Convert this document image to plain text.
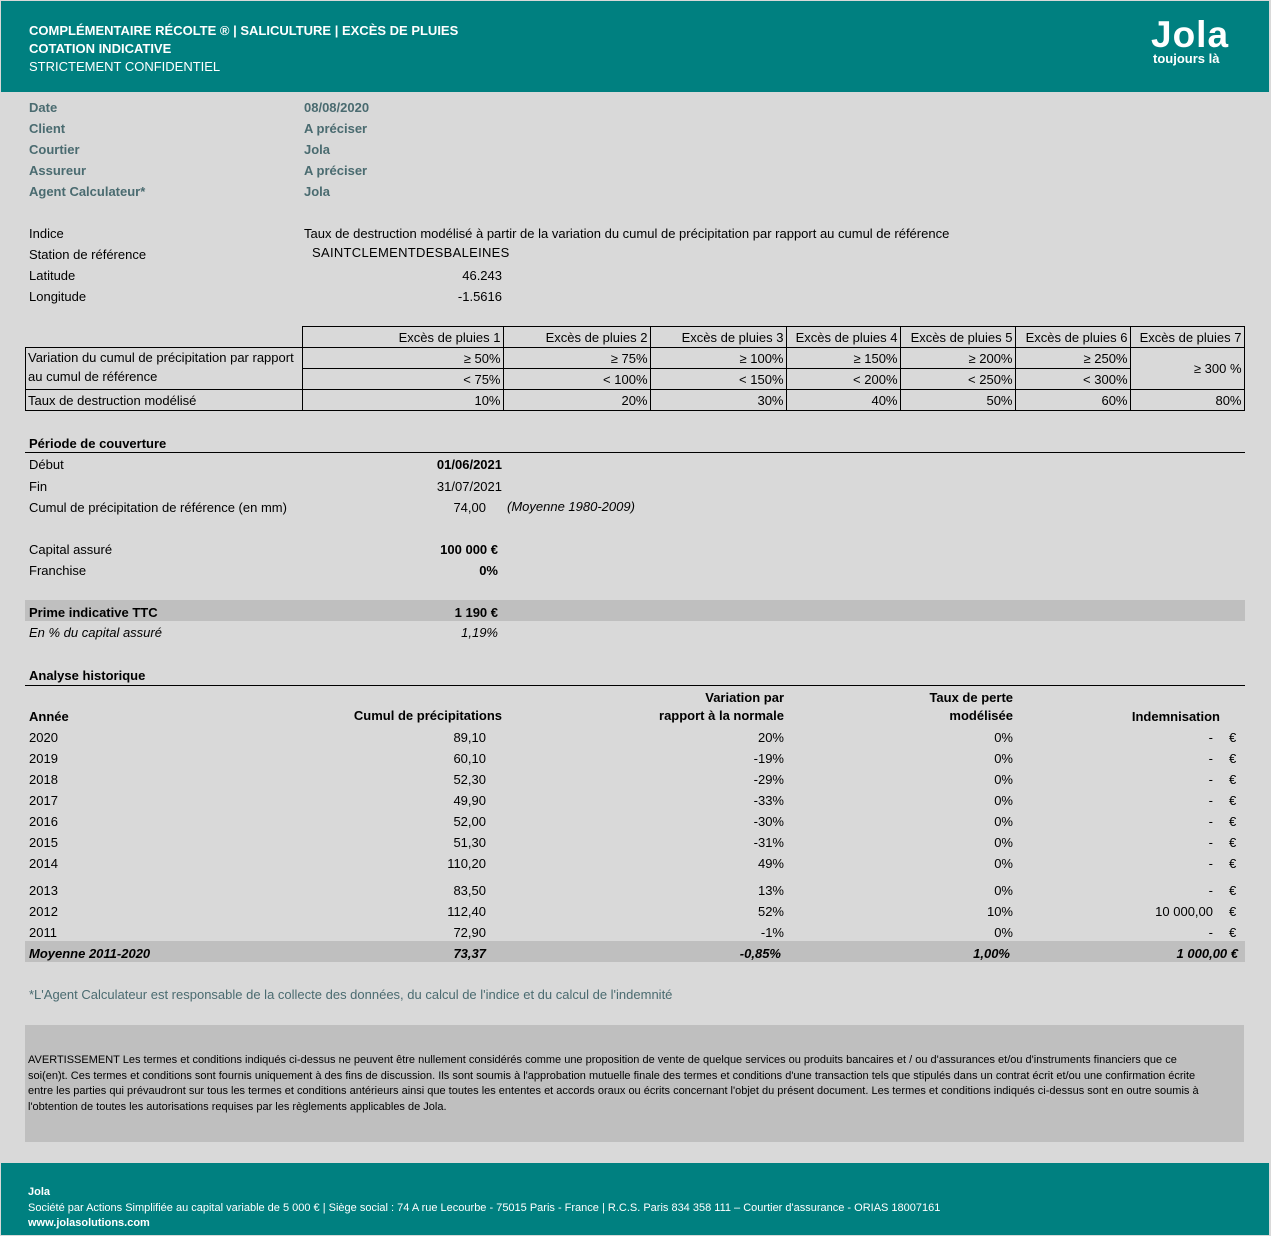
COMPLÉMENTAIRE RÉCOLTE ® | SALICULTURE | EXCÈS DE PLUIES
COTATION INDICATIVE
STRICTEMENT CONFIDENTIEL
Jola
toujours là
Date	08/08/2020
Client	A préciser
Courtier	Jola
Assureur	A préciser
Agent Calculateur*	Jola
Indice	Taux de destruction modélisé à partir de la variation du cumul de précipitation par rapport au cumul de référence
Station de référence	SAINTCLEMENTDESBALEINES
Latitude	46.243
Longitude	-1.5616
	Excès de pluies 1	Excès de pluies 2	Excès de pluies 3	Excès de pluies 4	Excès de pluies 5	Excès de pluies 6	Excès de pluies 7
Variation du cumul de précipitation par rapport
au cumul de référence	≥ 50%	≥ 75%	≥ 100%	≥ 150%	≥ 200%	≥ 250%	≥ 300 %
	< 75%	< 100%	< 150%	< 200%	< 250%	< 300%	
Taux de destruction modélisé	10%	20%	30%	40%	50%	60%	80%
Période de couverture
Début	01/06/2021
Fin	31/07/2021
Cumul de précipitation de référence (en mm)	74,00 (Moyenne 1980-2009)
Capital assuré	100 000 €
Franchise	0%
Prime indicative TTC	1 190 €
En % du capital assuré	1,19%
Analyse historique
Variation par	Taux de perte
Année	Cumul de précipitations	rapport à la normale	modélisée	Indemnisation
2020	89,10	20%	0%	- €
2019	60,10	-19%	0%	- €
2018	52,30	-29%	0%	- €
2017	49,90	-33%	0%	- €
2016	52,00	-30%	0%	- €
2015	51,30	-31%	0%	- €
2014	110,20	49%	0%	- €
2013	83,50	13%	0%	- €
2012	112,40	52%	10%	10 000,00 €
2011	72,90	-1%	0%	- €
Moyenne 2011-2020	73,37	-0,85%	1,00%	1 000,00 €
*L'Agent Calculateur est responsable de la collecte des données, du calcul de l'indice et du calcul de l'indemnité

AVERTISSEMENT Les termes et conditions indiqués ci-dessus ne peuvent être nullement considérés comme une proposition de vente de quelque services ou produits bancaires et / ou d'assurances et/ou d'instruments financiers que ce soi(en)t. Ces termes et conditions sont fournis uniquement à des fins de discussion. Ils sont soumis à l'approbation mutuelle finale des termes et conditions d'une transaction tels que stipulés dans un contrat écrit et/ou une confirmation écrite entre les parties qui prévaudront sur tous les termes et conditions antérieurs ainsi que toutes les ententes et accords oraux ou écrits concernant l'objet du présent document. Les termes et conditions indiqués ci-dessus sont en outre soumis à l'obtention de toutes les autorisations requises par les règlements applicables de Jola.

Jola
Société par Actions Simplifiée au capital variable de 5 000 € | Siège social : 74 A rue Lecourbe - 75015 Paris - France | R.C.S. Paris 834 358 111 – Courtier d'assurance - ORIAS 18007161
www.jolasolutions.com
